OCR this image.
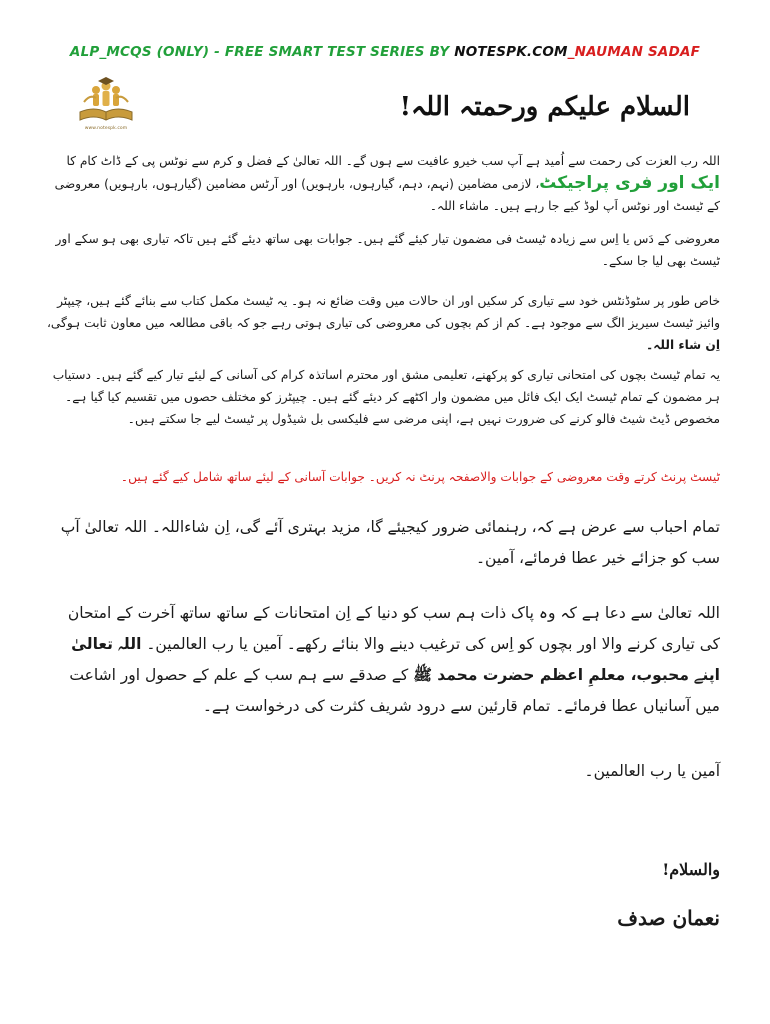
ALP_MCQS (ONLY) - FREE SMART TEST SERIES BY NOTESPK.COM_NAUMAN SADAF
www.notespk.com
السلام علیکم ورحمتہ اللہ!
اللہ رب العزت کی رحمت سے اُمید ہے آپ سب خیرو عافیت سے ہوں گے۔ اللہ تعالیٰ کے فضل و کرم سے نوٹس پی کے ڈاٹ کام کا ایک اور فری پراجیکٹ، لازمی مضامین (نہم، دہم، گیارہوں، بارہویں) اور آرٹس مضامین (گیارہوں، بارہویں) معروضی کے ٹیسٹ اور نوٹس اَپ لوڈ کیے جا رہے ہیں۔ ماشاء اللہ۔
معروضی کے دَس یا اِس سے زیادہ ٹیسٹ فی مضمون تیار کیئے گئے ہیں۔ جوابات بھی ساتھ دیئے گئے ہیں تاکہ تیاری بھی ہو سکے اور ٹیسٹ بھی لیا جا سکے۔
خاص طور پر سٹوڈنٹس خود سے تیاری کر سکیں اور ان حالات میں وقت ضائع نہ ہو۔ یہ ٹیسٹ مکمل کتاب سے بنائے گئے ہیں، چیپٹر وائیز ٹیسٹ سیریز الگ سے موجود ہے۔ کم از کم بچوں کی معروضی کی تیاری ہوتی رہے جو کہ باقی مطالعہ میں معاون ثابت ہوگی، اِن شاء اللہ۔
یہ تمام ٹیسٹ بچوں کی امتحانی تیاری کو پرکھنے، تعلیمی مشق اور محترم اساتذہ کرام کی آسانی کے لیئے تیار کیے گئے ہیں۔ دستیاب ہر مضمون کے تمام ٹیسٹ ایک ایک فائل میں مضمون وار اکٹھے کر دیئے گئے ہیں۔ چیپٹرز کو مختلف حصوں میں تقسیم کیا گیا ہے۔ مخصوص ڈیٹ شیٹ فالو کرنے کی ضرورت نہیں ہے، اپنی مرضی سے فلیکسی بل شیڈول پر ٹیسٹ لیے جا سکتے ہیں۔
ٹیسٹ پرنٹ کرتے وقت معروضی کے جوابات والاصفحہ پرنٹ نہ کریں۔ جوابات آسانی کے لیئے ساتھ شامل کیے گئے ہیں۔
تمام احباب سے عرض ہے کہ، رہنمائی ضرور کیجیئے گا، مزید بہتری آئے گی، اِن شاءاللہ۔ اللہ تعالیٰ آپ سب کو جزائے خیر عطا فرمائے، آمین۔
اللہ تعالیٰ سے دعا ہے کہ وہ پاک ذات ہم سب کو دنیا کے اِن امتحانات کے ساتھ ساتھ آخرت کے امتحان کی تیاری کرنے والا اور بچوں کو اِس کی ترغیب دینے والا بنائے رکھے۔ آمین یا رب العالمین۔ اللہ تعالیٰ اپنے محبوب، معلمِ اعظم حضرت محمد ﷺ کے صدقے سے ہم سب کے علم کے حصول اور اشاعت میں آسانیاں عطا فرمائے۔ تمام قارئین سے درود شریف کثرت کی درخواست ہے۔
آمین یا رب العالمین۔
والسلام!
نعمان صدف
